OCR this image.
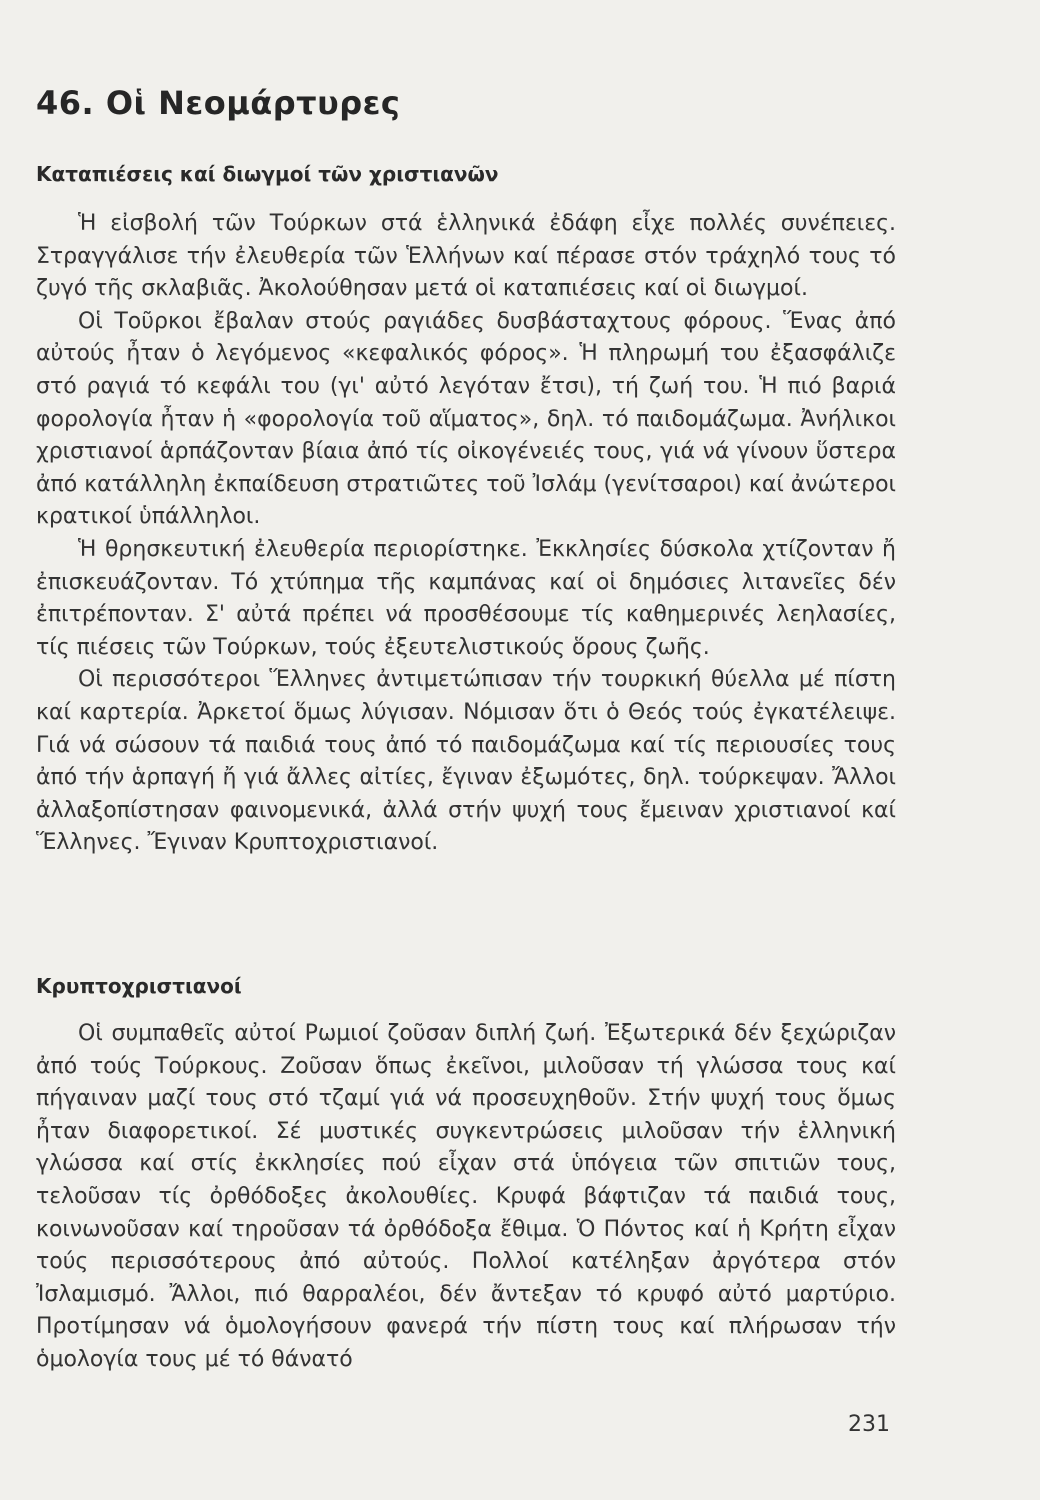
46. Οἱ Νεομάρτυρες
Καταπιέσεις καί διωγμοί τῶν χριστιανῶν

Ἡ εἰσβολή τῶν Τούρκων στά ἑλληνικά ἐδάφη εἶχε πολλές συνέπειες. Στραγγάλισε τήν ἐλευθερία τῶν Ἑλλήνων καί πέρασε στόν τράχηλό τους τό ζυγό τῆς σκλαβιᾶς. Ἀκολούθησαν μετά οἱ καταπιέσεις καί οἱ διωγμοί.

Οἱ Τοῦρκοι ἔβαλαν στούς ραγιάδες δυσβάσταχτους φόρους. Ἕνας ἀπό αὐτούς ἦταν ὁ λεγόμενος «κεφαλικός φόρος». Ἡ πληρωμή του ἐξασφάλιζε στό ραγιά τό κεφάλι του (γι' αὐτό λεγόταν ἔτσι), τή ζωή του. Ἡ πιό βαριά φορολογία ἦταν ἡ «φορολογία τοῦ αἵματος», δηλ. τό παιδομάζωμα. Ἀνήλικοι χριστιανοί ἁρπάζονταν βίαια ἀπό τίς οἰκογένειές τους, γιά νά γίνουν ὕστερα ἀπό κατάλληλη ἐκπαίδευση στρατιῶτες τοῦ Ἰσλάμ (γενίτσαροι) καί ἀνώτεροι κρατικοί ὑπάλληλοι.

Ἡ θρησκευτική ἐλευθερία περιορίστηκε. Ἐκκλησίες δύσκολα χτίζονταν ἤ ἐπισκευάζονταν. Τό χτύπημα τῆς καμπάνας καί οἱ δημόσιες λιτανεῖες δέν ἐπιτρέπονταν. Σ' αὐτά πρέπει νά προσθέσουμε τίς καθημερινές λεηλασίες, τίς πιέσεις τῶν Τούρκων, τούς ἐξευτελιστικούς ὅρους ζωῆς.

Οἱ περισσότεροι Ἕλληνες ἀντιμετώπισαν τήν τουρκική θύελλα μέ πίστη καί καρτερία. Ἀρκετοί ὅμως λύγισαν. Νόμισαν ὅτι ὁ Θεός τούς ἐγκατέλειψε. Γιά νά σώσουν τά παιδιά τους ἀπό τό παιδομάζωμα καί τίς περιουσίες τους ἀπό τήν ἁρπαγή ἤ γιά ἄλλες αἰτίες, ἔγιναν ἐξωμότες, δηλ. τούρκεψαν. Ἄλλοι ἀλλαξοπίστησαν φαινομενικά, ἀλλά στήν ψυχή τους ἔμειναν χριστιανοί καί Ἕλληνες. Ἔγιναν Κρυπτοχριστιανοί.

Κρυπτοχριστιανοί

Οἱ συμπαθεῖς αὐτοί Ρωμιοί ζοῦσαν διπλή ζωή. Ἐξωτερικά δέν ξεχώριζαν ἀπό τούς Τούρκους. Ζοῦσαν ὅπως ἐκεῖνοι, μιλοῦσαν τή γλώσσα τους καί πήγαιναν μαζί τους στό τζαμί γιά νά προσευχηθοῦν. Στήν ψυχή τους ὅμως ἦταν διαφορετικοί. Σέ μυστικές συγκεντρώσεις μιλοῦσαν τήν ἑλληνική γλώσσα καί στίς ἐκκλησίες πού εἶχαν στά ὑπόγεια τῶν σπιτιῶν τους, τελοῦσαν τίς ὀρθόδοξες ἀκολουθίες. Κρυφά βάφτιζαν τά παιδιά τους, κοινωνοῦσαν καί τηροῦσαν τά ὀρθόδοξα ἔθιμα. Ὁ Πόντος καί ἡ Κρήτη εἶχαν τούς περισσότερους ἀπό αὐτούς. Πολλοί κατέληξαν ἀργότερα στόν Ἰσλαμισμό. Ἄλλοι, πιό θαρραλέοι, δέν ἄντεξαν τό κρυφό αὐτό μαρτύριο. Προτίμησαν νά ὁμολογήσουν φανερά τήν πίστη τους καί πλήρωσαν τήν ὁμολογία τους μέ τό θάνατό

231
